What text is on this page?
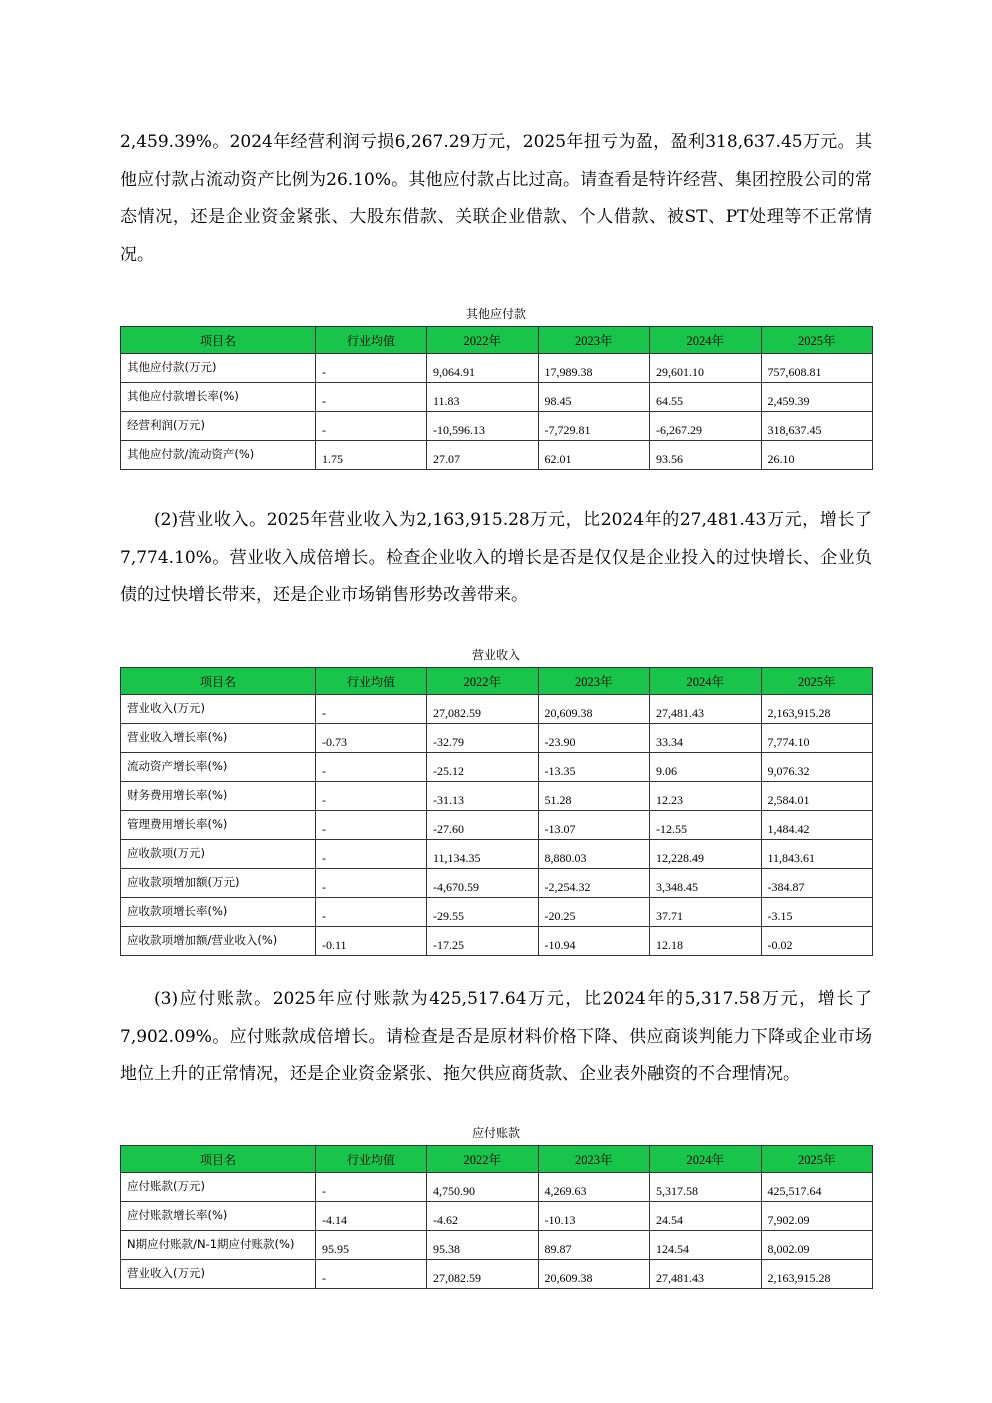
2,459.39%。2024年经营利润亏损6,267.29万元，2025年扭亏为盈，盈利318,637.45万元。其他应付款占流动资产比例为26.10%。其他应付款占比过高。请查看是特许经营、集团控股公司的常态情况，还是企业资金紧张、大股东借款、关联企业借款、个人借款、被ST、PT处理等不正常情况。

其他应付款
项目名	行业均值	2022年	2023年	2024年	2025年
其他应付款(万元)	-	9,064.91	17,989.38	29,601.10	757,608.81
其他应付款增长率(%)	-	11.83	98.45	64.55	2,459.39
经营利润(万元)	-	-10,596.13	-7,729.81	-6,267.29	318,637.45
其他应付款/流动资产(%)	1.75	27.07	62.01	93.56	26.10

(2)营业收入。2025年营业收入为2,163,915.28万元，比2024年的27,481.43万元，增长了7,774.10%。营业收入成倍增长。检查企业收入的增长是否是仅仅是企业投入的过快增长、企业负债的过快增长带来，还是企业市场销售形势改善带来。

营业收入
项目名	行业均值	2022年	2023年	2024年	2025年
营业收入(万元)	-	27,082.59	20,609.38	27,481.43	2,163,915.28
营业收入增长率(%)	-0.73	-32.79	-23.90	33.34	7,774.10
流动资产增长率(%)	-	-25.12	-13.35	9.06	9,076.32
财务费用增长率(%)	-	-31.13	51.28	12.23	2,584.01
管理费用增长率(%)	-	-27.60	-13.07	-12.55	1,484.42
应收款项(万元)	-	11,134.35	8,880.03	12,228.49	11,843.61
应收款项增加额(万元)	-	-4,670.59	-2,254.32	3,348.45	-384.87
应收款项增长率(%)	-	-29.55	-20.25	37.71	-3.15
应收款项增加额/营业收入(%)	-0.11	-17.25	-10.94	12.18	-0.02

(3)应付账款。2025年应付账款为425,517.64万元，比2024年的5,317.58万元，增长了7,902.09%。应付账款成倍增长。请检查是否是原材料价格下降、供应商谈判能力下降或企业市场地位上升的正常情况，还是企业资金紧张、拖欠供应商货款、企业表外融资的不合理情况。

应付账款
项目名	行业均值	2022年	2023年	2024年	2025年
应付账款(万元)	-	4,750.90	4,269.63	5,317.58	425,517.64
应付账款增长率(%)	-4.14	-4.62	-10.13	24.54	7,902.09
N期应付账款/N-1期应付账款(%)	95.95	95.38	89.87	124.54	8,002.09
营业收入(万元)	-	27,082.59	20,609.38	27,481.43	2,163,915.28
